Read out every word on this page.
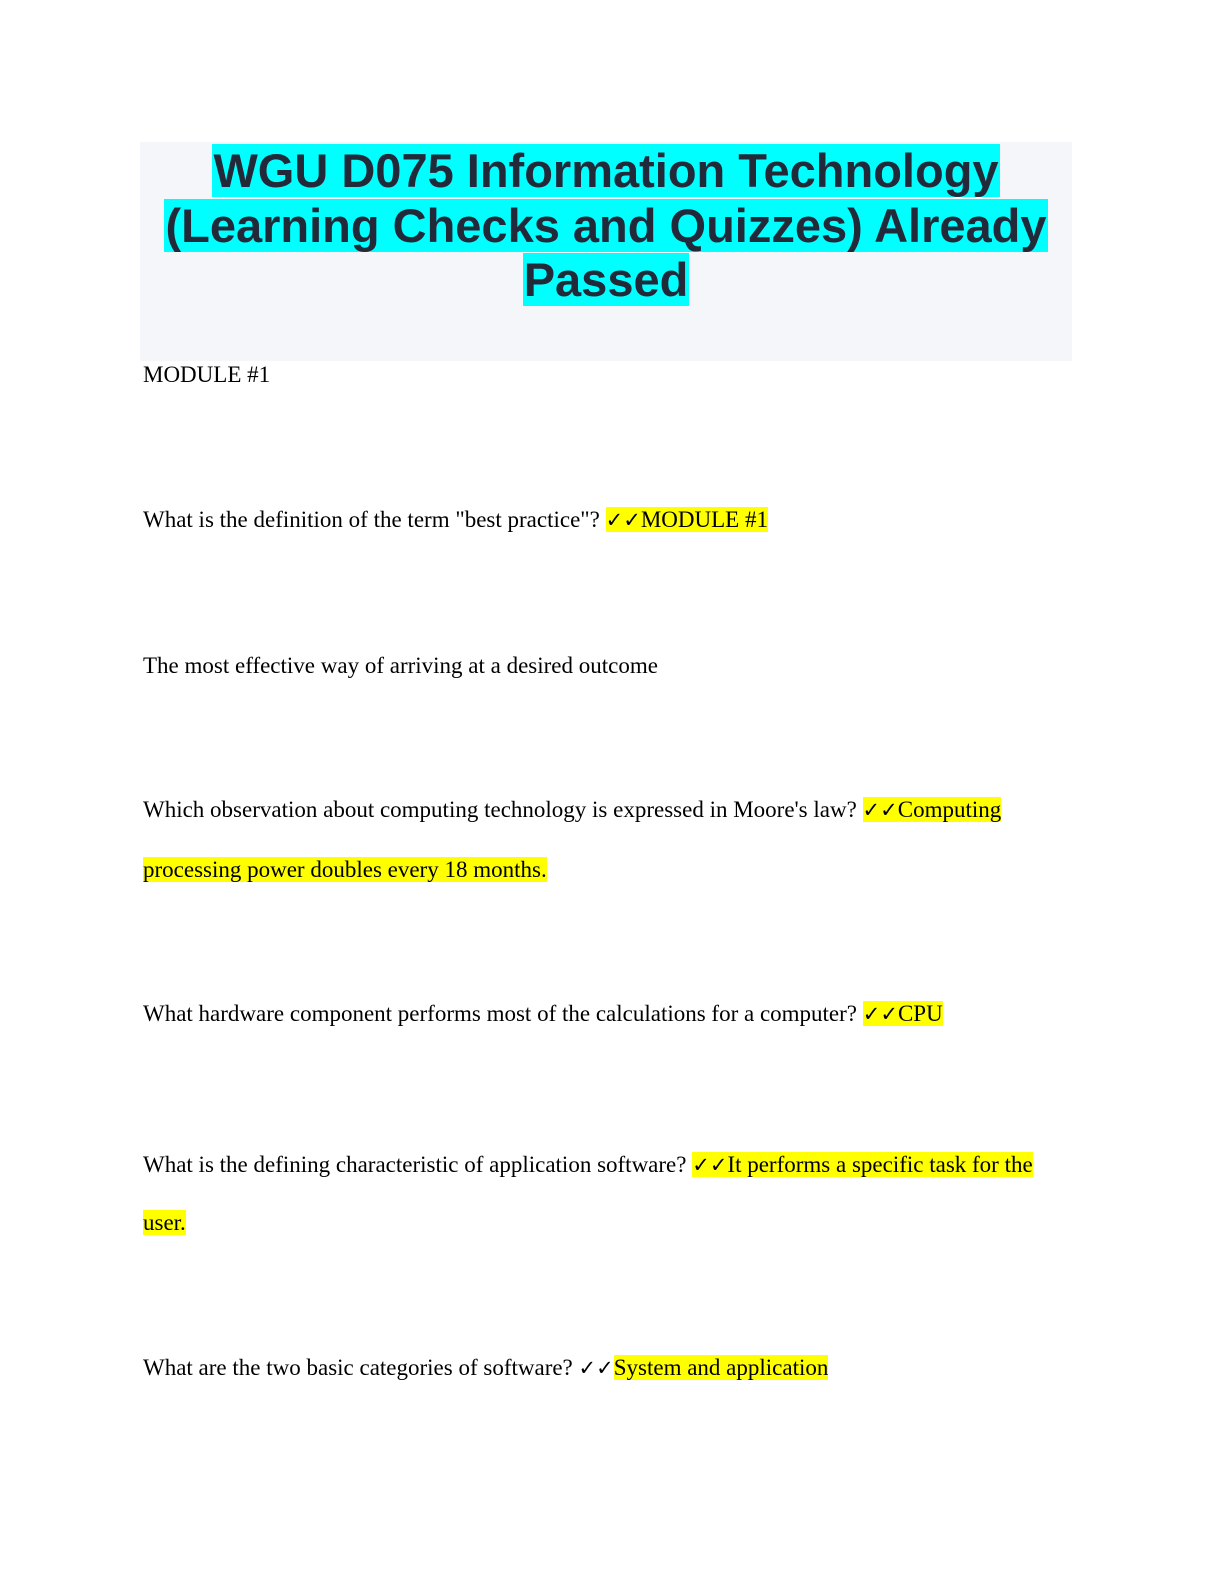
WGU D075 Information Technology
(Learning Checks and Quizzes) Already
Passed
MODULE #1
What is the definition of the term "best practice"? ✓✓MODULE #1
The most effective way of arriving at a desired outcome
Which observation about computing technology is expressed in Moore's law? ✓✓Computing
processing power doubles every 18 months.
What hardware component performs most of the calculations for a computer? ✓✓CPU
What is the defining characteristic of application software? ✓✓It performs a specific task for the
user.
What are the two basic categories of software? ✓✓System and application
